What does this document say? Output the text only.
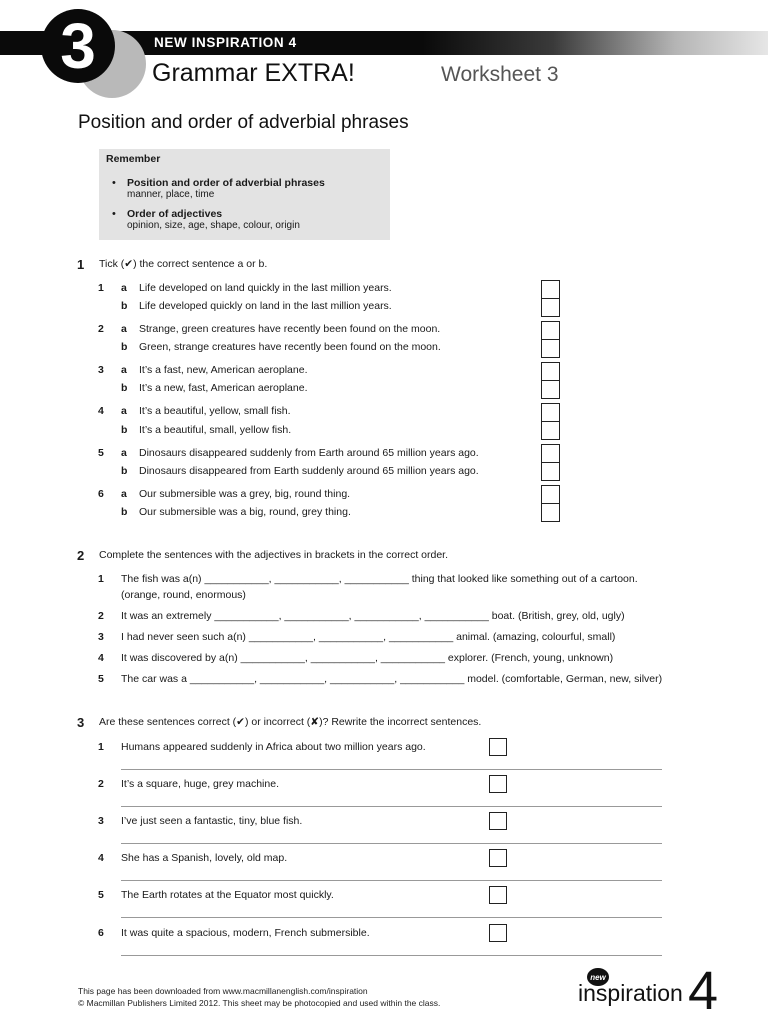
3	NEW INSPIRATION 4
Grammar EXTRA!	Worksheet 3
Position and order of adverbial phrases
Remember
• Position and order of adverbial phrases
manner, place, time
• Order of adjectives
opinion, size, age, shape, colour, origin
1 Tick (✔) the correct sentence a or b.
1 a Life developed on land quickly in the last million years.
b Life developed quickly on land in the last million years.
2 a Strange, green creatures have recently been found on the moon.
b Green, strange creatures have recently been found on the moon.
3 a It’s a fast, new, American aeroplane.
b It’s a new, fast, American aeroplane.
4 a It’s a beautiful, yellow, small fish.
b It’s a beautiful, small, yellow fish.
5 a Dinosaurs disappeared suddenly from Earth around 65 million years ago.
b Dinosaurs disappeared from Earth suddenly around 65 million years ago.
6 a Our submersible was a grey, big, round thing.
b Our submersible was a big, round, grey thing.
2 Complete the sentences with the adjectives in brackets in the correct order.
1 The fish was a(n) ___________, ___________, ___________ thing that looked like something out of a cartoon.
(orange, round, enormous)
2 It was an extremely ___________, ___________, ___________, ___________ boat. (British, grey, old, ugly)
3 I had never seen such a(n) ___________, ___________, ___________ animal. (amazing, colourful, small)
4 It was discovered by a(n) ___________, ___________, ___________ explorer. (French, young, unknown)
5 The car was a ___________, ___________, ___________, ___________ model. (comfortable, German, new, silver)
3 Are these sentences correct (✔) or incorrect (✘)? Rewrite the incorrect sentences.
1 Humans appeared suddenly in Africa about two million years ago.
2 It’s a square, huge, grey machine.
3 I’ve just seen a fantastic, tiny, blue fish.
4 She has a Spanish, lovely, old map.
5 The Earth rotates at the Equator most quickly.
6 It was quite a spacious, modern, French submersible.
This page has been downloaded from www.macmillanenglish.com/inspiration
© Macmillan Publishers Limited 2012. This sheet may be photocopied and used within the class.
new
inspiration 4
